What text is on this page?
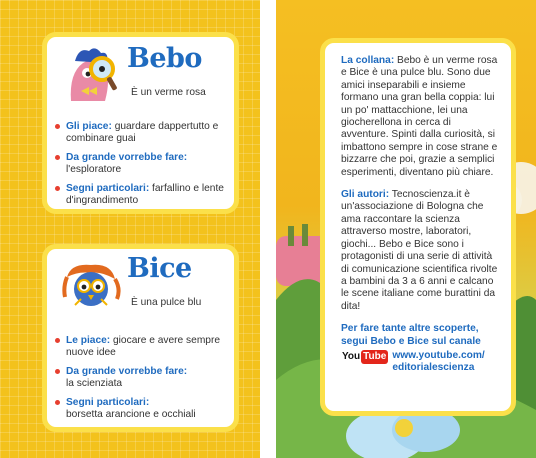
Bebo
È un verme rosa
Gli piace: guardare dappertutto e combinare guai
Da grande vorrebbe fare:
l'esploratore
Segni particolari: farfallino e lente d'ingrandimento
Bice
È una pulce blu
Le piace: giocare e avere sempre nuove idee
Da grande vorrebbe fare:
la scienziata
Segni particolari:
borsetta arancione e occhiali

La collana: Bebo è un verme rosa e Bice è una pulce blu. Sono due amici inseparabili e insieme formano una gran bella coppia: lui un po' mattacchione, lei una giocherellona in cerca di avventure. Spinti dalla curiosità, si imbattono sempre in cose strane e bizzarre che poi, grazie a semplici esperimenti, diventano più chiare.

Gli autori: Tecnoscienza.it è un'associazione di Bologna che ama raccontare la scienza attraverso mostre, laboratori, giochi... Bebo e Bice sono i protagonisti di una serie di attività di comunicazione scientifica rivolte a bambini da 3 a 6 anni e calcano le scene italiane come burattini da dita!

Per fare tante altre scoperte, segui Bebo e Bice sul canale

You Tube www.youtube.com/ editorialescienza
